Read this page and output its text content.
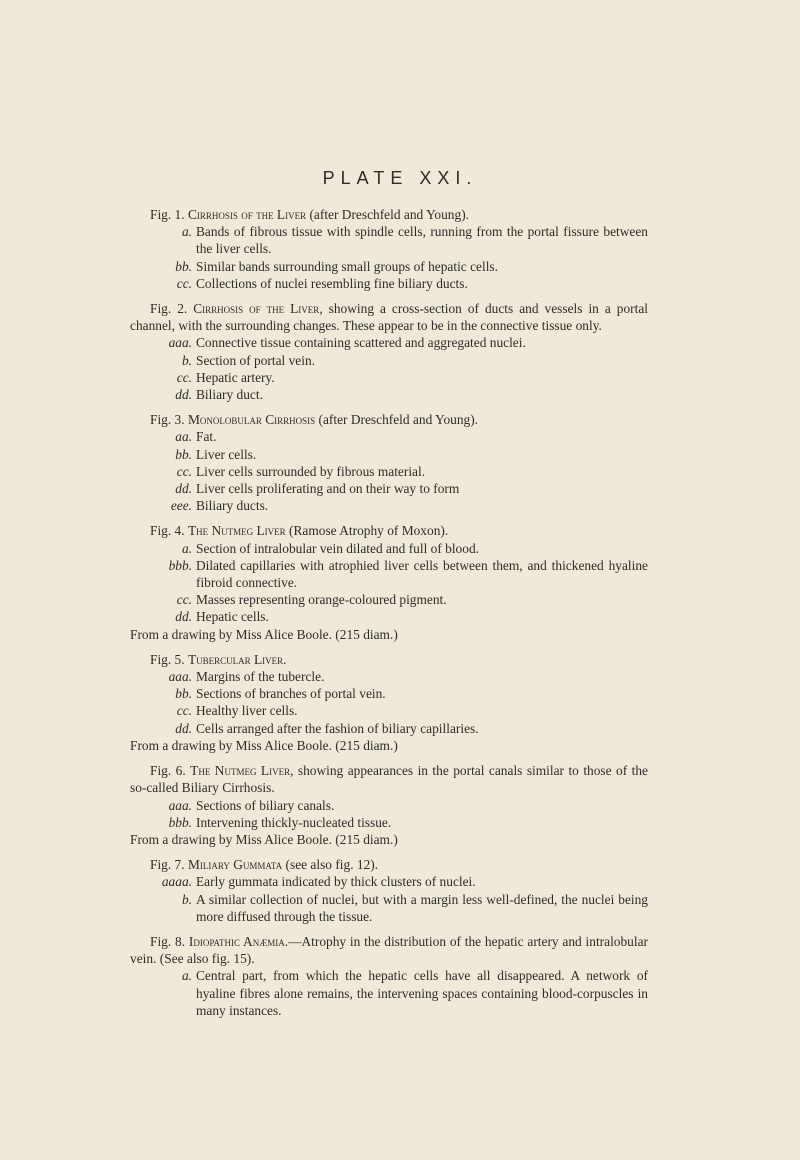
PLATE XXI.
Fig. 1. Cirrhosis of the Liver (after Dreschfeld and Young).
a. Bands of fibrous tissue with spindle cells, running from the portal fissure between the liver cells.
bb. Similar bands surrounding small groups of hepatic cells.
cc. Collections of nuclei resembling fine biliary ducts.
Fig. 2. Cirrhosis of the Liver, showing a cross-section of ducts and vessels in a portal channel, with the surrounding changes. These appear to be in the connective tissue only.
aaa. Connective tissue containing scattered and aggregated nuclei.
b. Section of portal vein.
cc. Hepatic artery.
dd. Biliary duct.
Fig. 3. Monolobular Cirrhosis (after Dreschfeld and Young).
aa. Fat.
bb. Liver cells.
cc. Liver cells surrounded by fibrous material.
dd. Liver cells proliferating and on their way to form
eee. Biliary ducts.
Fig. 4. The Nutmeg Liver (Ramose Atrophy of Moxon).
a. Section of intralobular vein dilated and full of blood.
bbb. Dilated capillaries with atrophied liver cells between them, and thickened hyaline fibroid connective.
cc. Masses representing orange-coloured pigment.
dd. Hepatic cells.
From a drawing by Miss Alice Boole. (215 diam.)
Fig. 5. Tubercular Liver.
aaa. Margins of the tubercle.
bb. Sections of branches of portal vein.
cc. Healthy liver cells.
dd. Cells arranged after the fashion of biliary capillaries.
From a drawing by Miss Alice Boole. (215 diam.)
Fig. 6. The Nutmeg Liver, showing appearances in the portal canals similar to those of the so-called Biliary Cirrhosis.
aaa. Sections of biliary canals.
bbb. Intervening thickly-nucleated tissue.
From a drawing by Miss Alice Boole. (215 diam.)
Fig. 7. Miliary Gummata (see also fig. 12).
aaaa. Early gummata indicated by thick clusters of nuclei.
b. A similar collection of nuclei, but with a margin less well-defined, the nuclei being more diffused through the tissue.
Fig. 8. Idiopathic Anæmia.—Atrophy in the distribution of the hepatic artery and intralobular vein. (See also fig. 15).
a. Central part, from which the hepatic cells have all disappeared. A network of hyaline fibres alone remains, the intervening spaces containing blood-corpuscles in many instances.
